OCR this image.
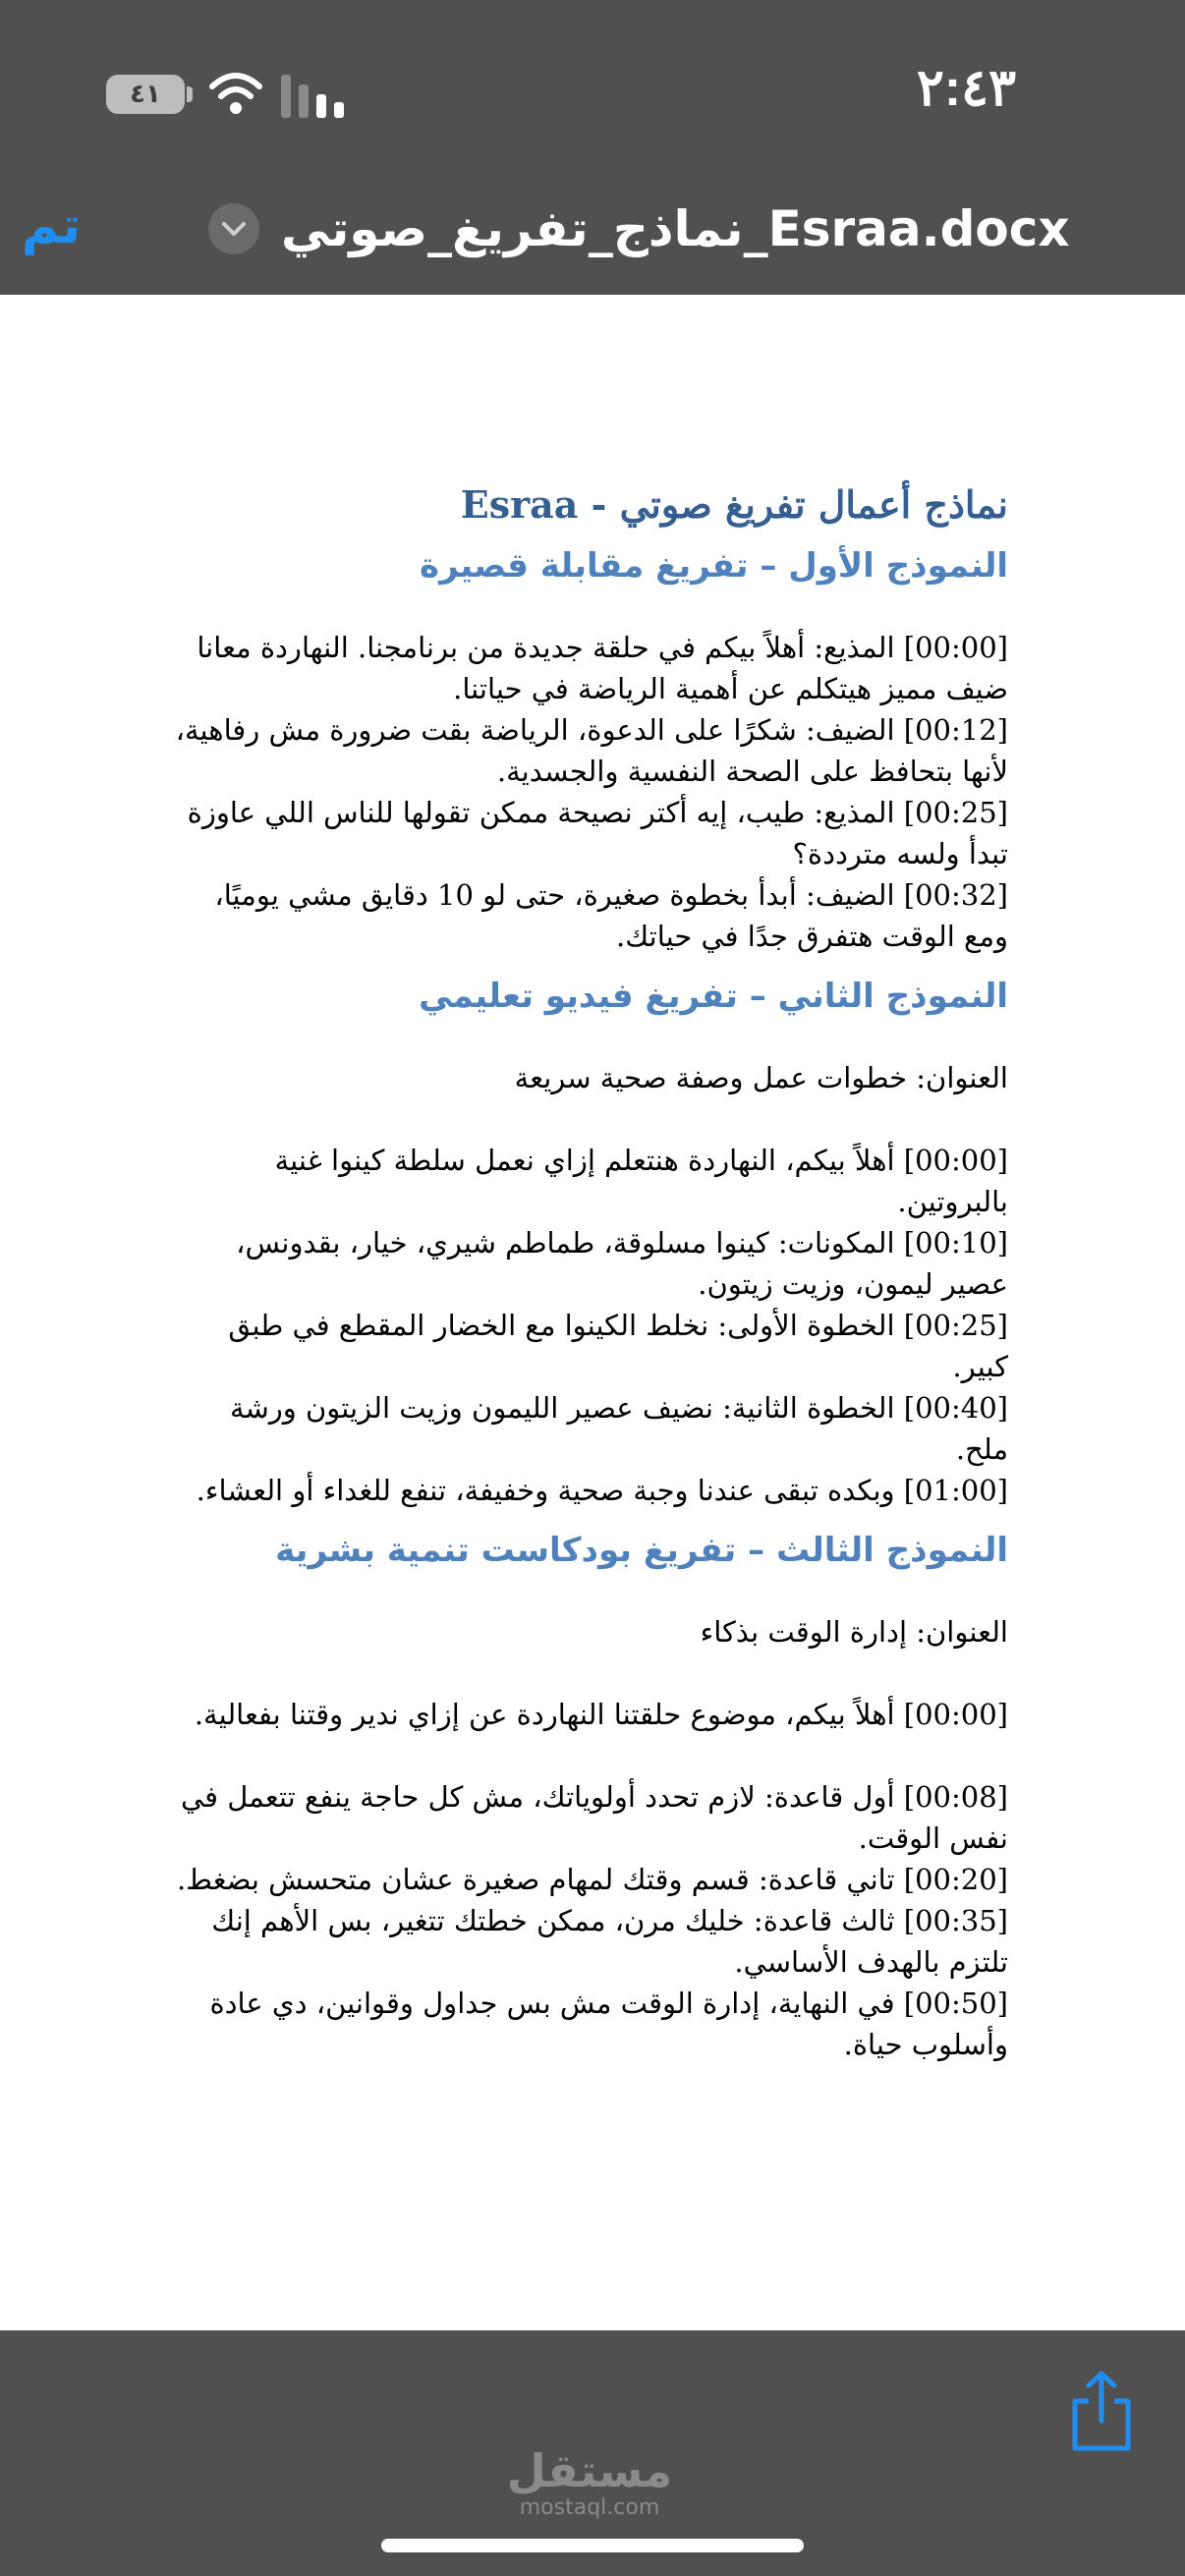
٤١	٢:٤٣
تم	نماذج_تفريغ_صوتي_Esraa.docx
Esraa - نماذج أعمال تفريغ صوتي
النموذج الأول – تفريغ مقابلة قصيرة
[00:00] المذيع: أهلاً بيكم في حلقة جديدة من برنامجنا. النهاردة معانا ضيف مميز هيتكلم عن أهمية الرياضة في حياتنا.
[00:12] الضيف: شكرًا على الدعوة، الرياضة بقت ضرورة مش رفاهية، لأنها بتحافظ على الصحة النفسية والجسدية.
[00:25] المذيع: طيب، إيه أكتر نصيحة ممكن تقولها للناس اللي عاوزة تبدأ ولسه مترددة؟
[00:32] الضيف: أبدأ بخطوة صغيرة، حتى لو 10 دقايق مشي يوميًا، ومع الوقت هتفرق جدًا في حياتك.
النموذج الثاني – تفريغ فيديو تعليمي
العنوان: خطوات عمل وصفة صحية سريعة
[00:00] أهلاً بيكم، النهاردة هنتعلم إزاي نعمل سلطة كينوا غنية بالبروتين.
[00:10] المكونات: كينوا مسلوقة، طماطم شيري، خيار، بقدونس، عصير ليمون، وزيت زيتون.
[00:25] الخطوة الأولى: نخلط الكينوا مع الخضار المقطع في طبق كبير.
[00:40] الخطوة الثانية: نضيف عصير الليمون وزيت الزيتون ورشة ملح.
[01:00] وبكده تبقى عندنا وجبة صحية وخفيفة، تنفع للغداء أو العشاء.
النموذج الثالث – تفريغ بودكاست تنمية بشرية
العنوان: إدارة الوقت بذكاء
[00:00] أهلاً بيكم، موضوع حلقتنا النهاردة عن إزاي ندير وقتنا بفعالية.
[00:08] أول قاعدة: لازم تحدد أولوياتك، مش كل حاجة ينفع تتعمل في نفس الوقت.
[00:20] تاني قاعدة: قسم وقتك لمهام صغيرة عشان متحسش بضغط.
[00:35] ثالث قاعدة: خليك مرن، ممكن خطتك تتغير، بس الأهم إنك تلتزم بالهدف الأساسي.
[00:50] في النهاية، إدارة الوقت مش بس جداول وقوانين، دي عادة وأسلوب حياة.
مستقل
mostaql.com
